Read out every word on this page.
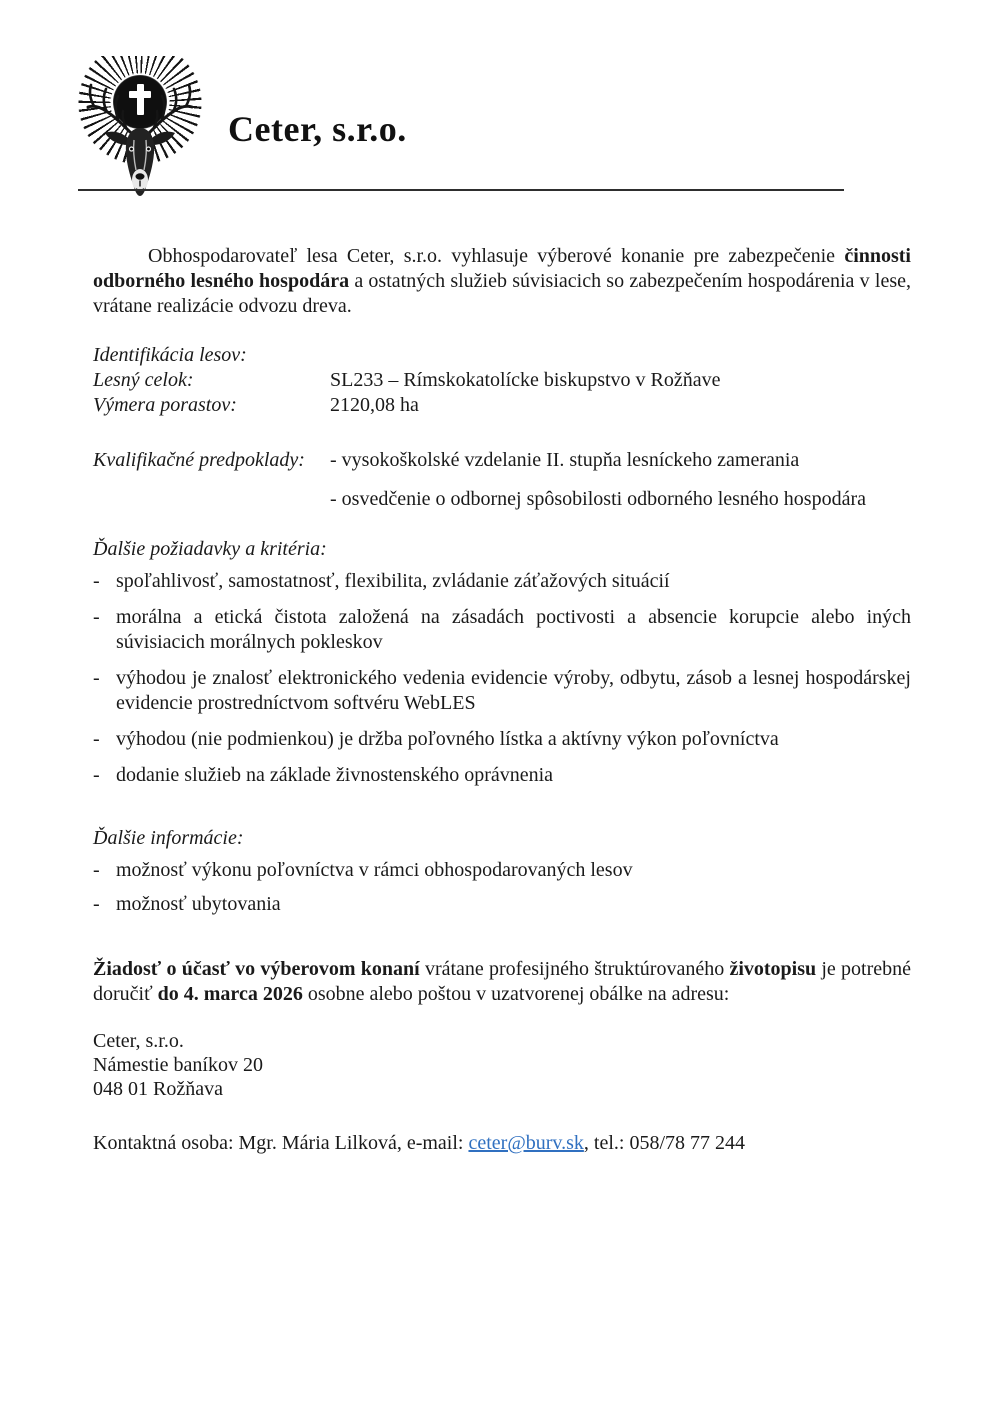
Ceter, s.r.o.

Obhospodarovateľ lesa Ceter, s.r.o. vyhlasuje výberové konanie pre zabezpečenie činnosti odborného lesného hospodára a ostatných služieb súvisiacich so zabezpečením hospodárenia v lese, vrátane realizácie odvozu dreva.

Identifikácia lesov:
Lesný celok:	SL233 – Rímskokatolícke biskupstvo v Rožňave
Výmera porastov:	2120,08 ha
Kvalifikačné predpoklady:	- vysokoškolské vzdelanie II. stupňa lesníckeho zamerania
- osvedčenie o odbornej spôsobilosti odborného lesného hospodára
Ďalšie požiadavky a kritéria:
- spoľahlivosť, samostatnosť, flexibilita, zvládanie záťažových situácií
- morálna a etická čistota založená na zásadách poctivosti a absencie korupcie alebo iných súvisiacich morálnych pokleskov
- výhodou je znalosť elektronického vedenia evidencie výroby, odbytu, zásob a lesnej hospodárskej evidencie prostredníctvom softvéru WebLES
- výhodou (nie podmienkou) je držba poľovného lístka a aktívny výkon poľovníctva
- dodanie služieb na základe živnostenského oprávnenia
Ďalšie informácie:
- možnosť výkonu poľovníctva v rámci obhospodarovaných lesov
- možnosť ubytovania

Žiadosť o účasť vo výberovom konaní vrátane profesijného štruktúrovaného životopisu je potrebné doručiť do 4. marca 2026 osobne alebo poštou v uzatvorenej obálke na adresu:

Ceter, s.r.o.
Námestie baníkov 20
048 01 Rožňava

Kontaktná osoba: Mgr. Mária Lilková, e-mail: ceter@burv.sk, tel.: 058/78 77 244
